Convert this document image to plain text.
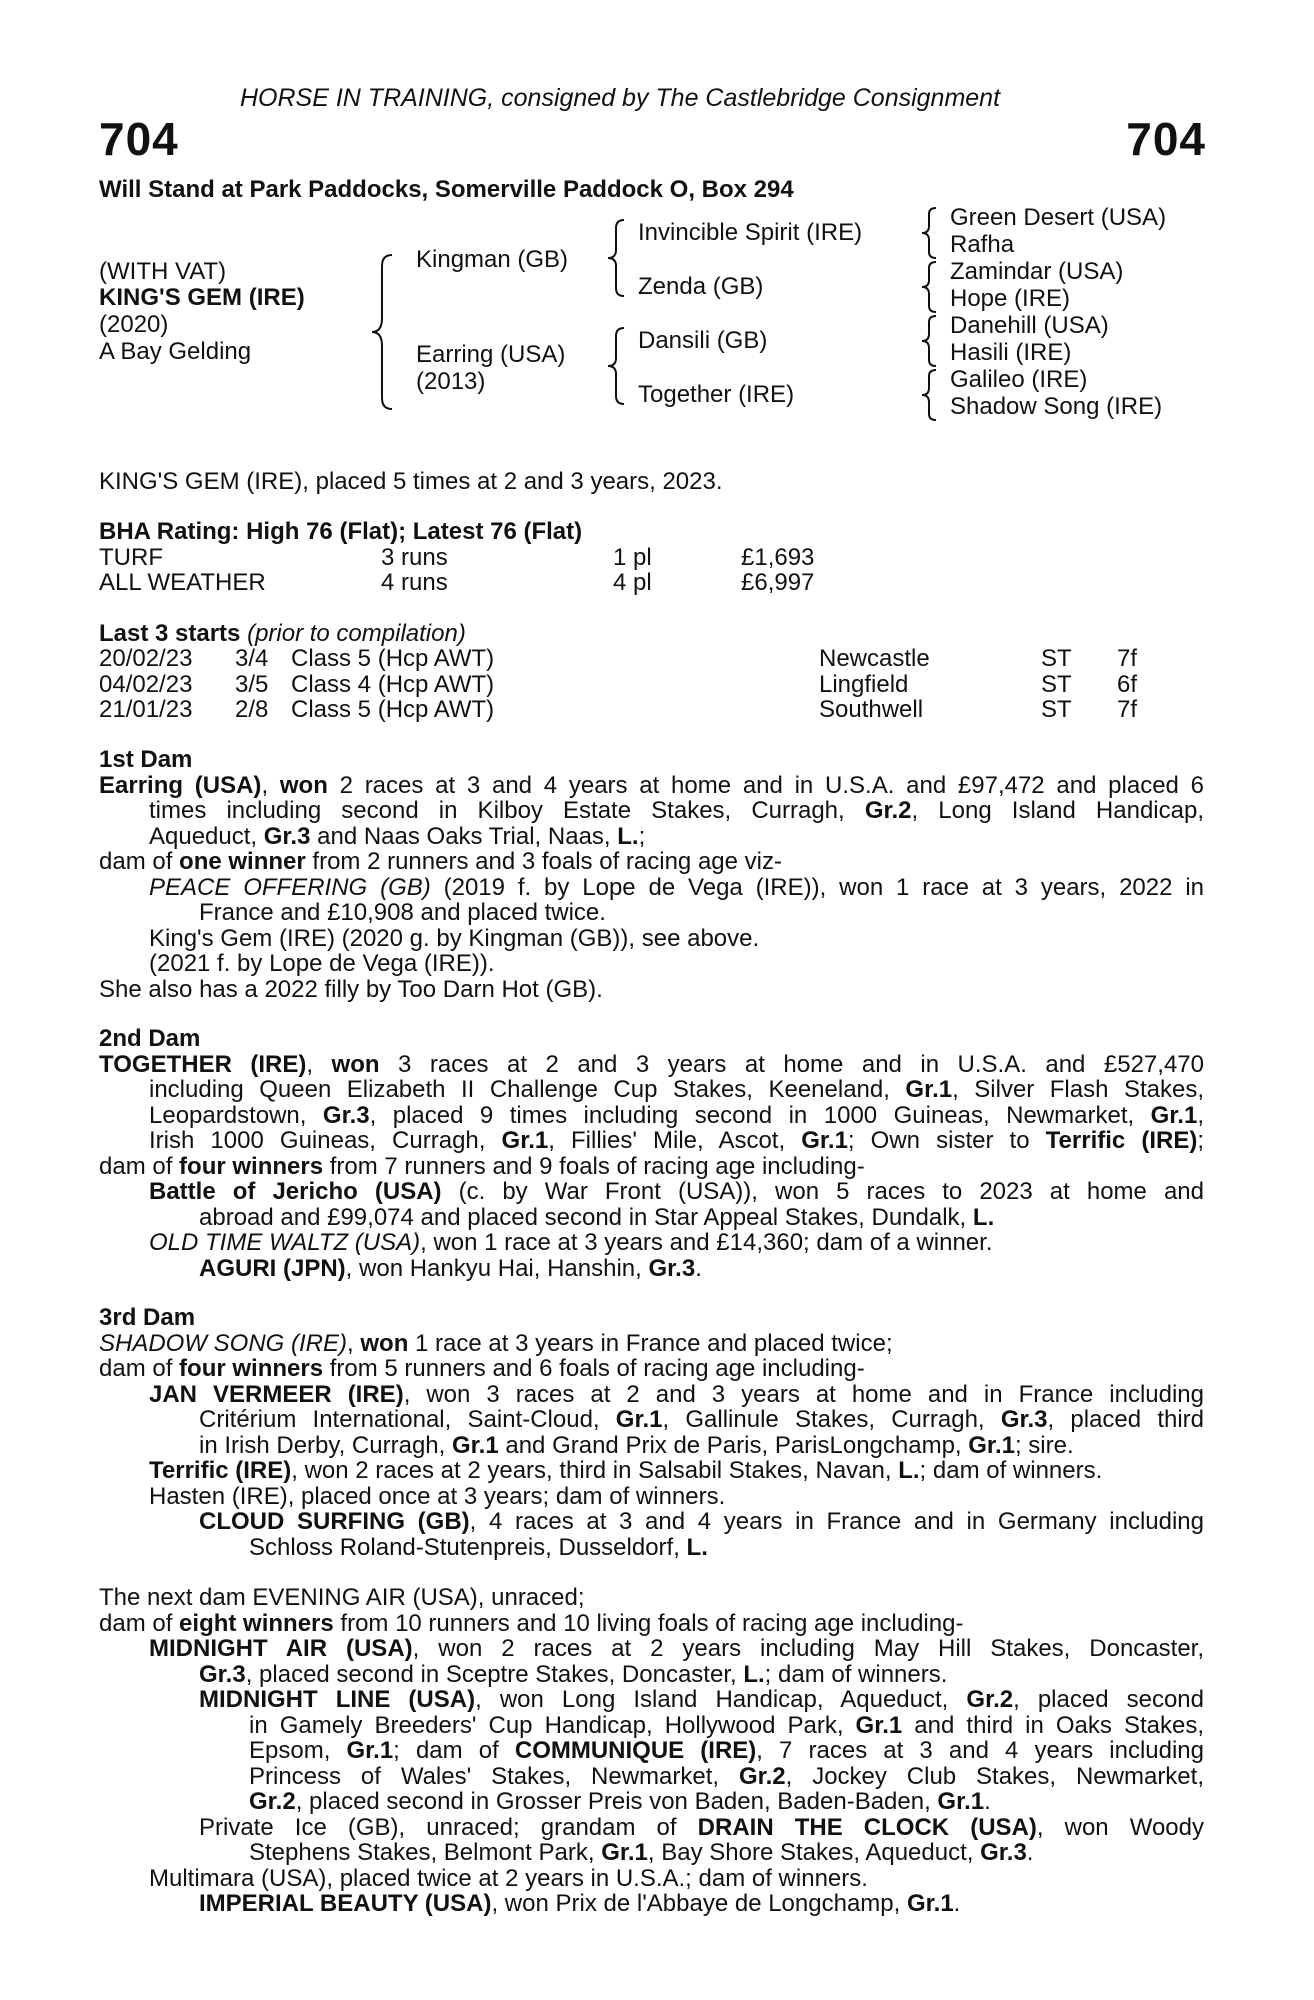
HORSE IN TRAINING, consigned by The Castlebridge Consignment
704	704
Will Stand at Park Paddocks, Somerville Paddock O, Box 294
(WITH VAT)
KING'S GEM (IRE)
(2020)
A Bay Gelding
Kingman (GB)
Earring (USA)
(2013)
Invincible Spirit (IRE)
Zenda (GB)
Dansili (GB)
Together (IRE)
Green Desert (USA)
Rafha
Zamindar (USA)
Hope (IRE)
Danehill (USA)
Hasili (IRE)
Galileo (IRE)
Shadow Song (IRE)
KING'S GEM (IRE), placed 5 times at 2 and 3 years, 2023.
BHA Rating: High 76 (Flat); Latest 76 (Flat)
TURF	3 runs	1 pl	£1,693
ALL WEATHER	4 runs	4 pl	£6,997
Last 3 starts (prior to compilation)
20/02/23 3/4 Class 5 (Hcp AWT)	Newcastle	ST 7f
04/02/23 3/5 Class 4 (Hcp AWT)	Lingfield	ST 6f
21/01/23 2/8 Class 5 (Hcp AWT)	Southwell	ST 7f
1st Dam
Earring (USA), won 2 races at 3 and 4 years at home and in U.S.A. and £97,472 and placed 6
times including second in Kilboy Estate Stakes, Curragh, Gr.2, Long Island Handicap,
Aqueduct, Gr.3 and Naas Oaks Trial, Naas, L.;
dam of one winner from 2 runners and 3 foals of racing age viz-
PEACE OFFERING (GB) (2019 f. by Lope de Vega (IRE)), won 1 race at 3 years, 2022 in
France and £10,908 and placed twice.
King's Gem (IRE) (2020 g. by Kingman (GB)), see above.
(2021 f. by Lope de Vega (IRE)).
She also has a 2022 filly by Too Darn Hot (GB).
2nd Dam
TOGETHER (IRE), won 3 races at 2 and 3 years at home and in U.S.A. and £527,470
including Queen Elizabeth II Challenge Cup Stakes, Keeneland, Gr.1, Silver Flash Stakes,
Leopardstown, Gr.3, placed 9 times including second in 1000 Guineas, Newmarket, Gr.1,
Irish 1000 Guineas, Curragh, Gr.1, Fillies' Mile, Ascot, Gr.1; Own sister to Terrific (IRE);
dam of four winners from 7 runners and 9 foals of racing age including-
Battle of Jericho (USA) (c. by War Front (USA)), won 5 races to 2023 at home and
abroad and £99,074 and placed second in Star Appeal Stakes, Dundalk, L.
OLD TIME WALTZ (USA), won 1 race at 3 years and £14,360; dam of a winner.
AGURI (JPN), won Hankyu Hai, Hanshin, Gr.3.
3rd Dam
SHADOW SONG (IRE), won 1 race at 3 years in France and placed twice;
dam of four winners from 5 runners and 6 foals of racing age including-
JAN VERMEER (IRE), won 3 races at 2 and 3 years at home and in France including
Critérium International, Saint-Cloud, Gr.1, Gallinule Stakes, Curragh, Gr.3, placed third
in Irish Derby, Curragh, Gr.1 and Grand Prix de Paris, ParisLongchamp, Gr.1; sire.
Terrific (IRE), won 2 races at 2 years, third in Salsabil Stakes, Navan, L.; dam of winners.
Hasten (IRE), placed once at 3 years; dam of winners.
CLOUD SURFING (GB), 4 races at 3 and 4 years in France and in Germany including
Schloss Roland-Stutenpreis, Dusseldorf, L.
The next dam EVENING AIR (USA), unraced;
dam of eight winners from 10 runners and 10 living foals of racing age including-
MIDNIGHT AIR (USA), won 2 races at 2 years including May Hill Stakes, Doncaster,
Gr.3, placed second in Sceptre Stakes, Doncaster, L.; dam of winners.
MIDNIGHT LINE (USA), won Long Island Handicap, Aqueduct, Gr.2, placed second
in Gamely Breeders' Cup Handicap, Hollywood Park, Gr.1 and third in Oaks Stakes,
Epsom, Gr.1; dam of COMMUNIQUE (IRE), 7 races at 3 and 4 years including
Princess of Wales' Stakes, Newmarket, Gr.2, Jockey Club Stakes, Newmarket,
Gr.2, placed second in Grosser Preis von Baden, Baden-Baden, Gr.1.
Private Ice (GB), unraced; grandam of DRAIN THE CLOCK (USA), won Woody
Stephens Stakes, Belmont Park, Gr.1, Bay Shore Stakes, Aqueduct, Gr.3.
Multimara (USA), placed twice at 2 years in U.S.A.; dam of winners.
IMPERIAL BEAUTY (USA), won Prix de l'Abbaye de Longchamp, Gr.1.
